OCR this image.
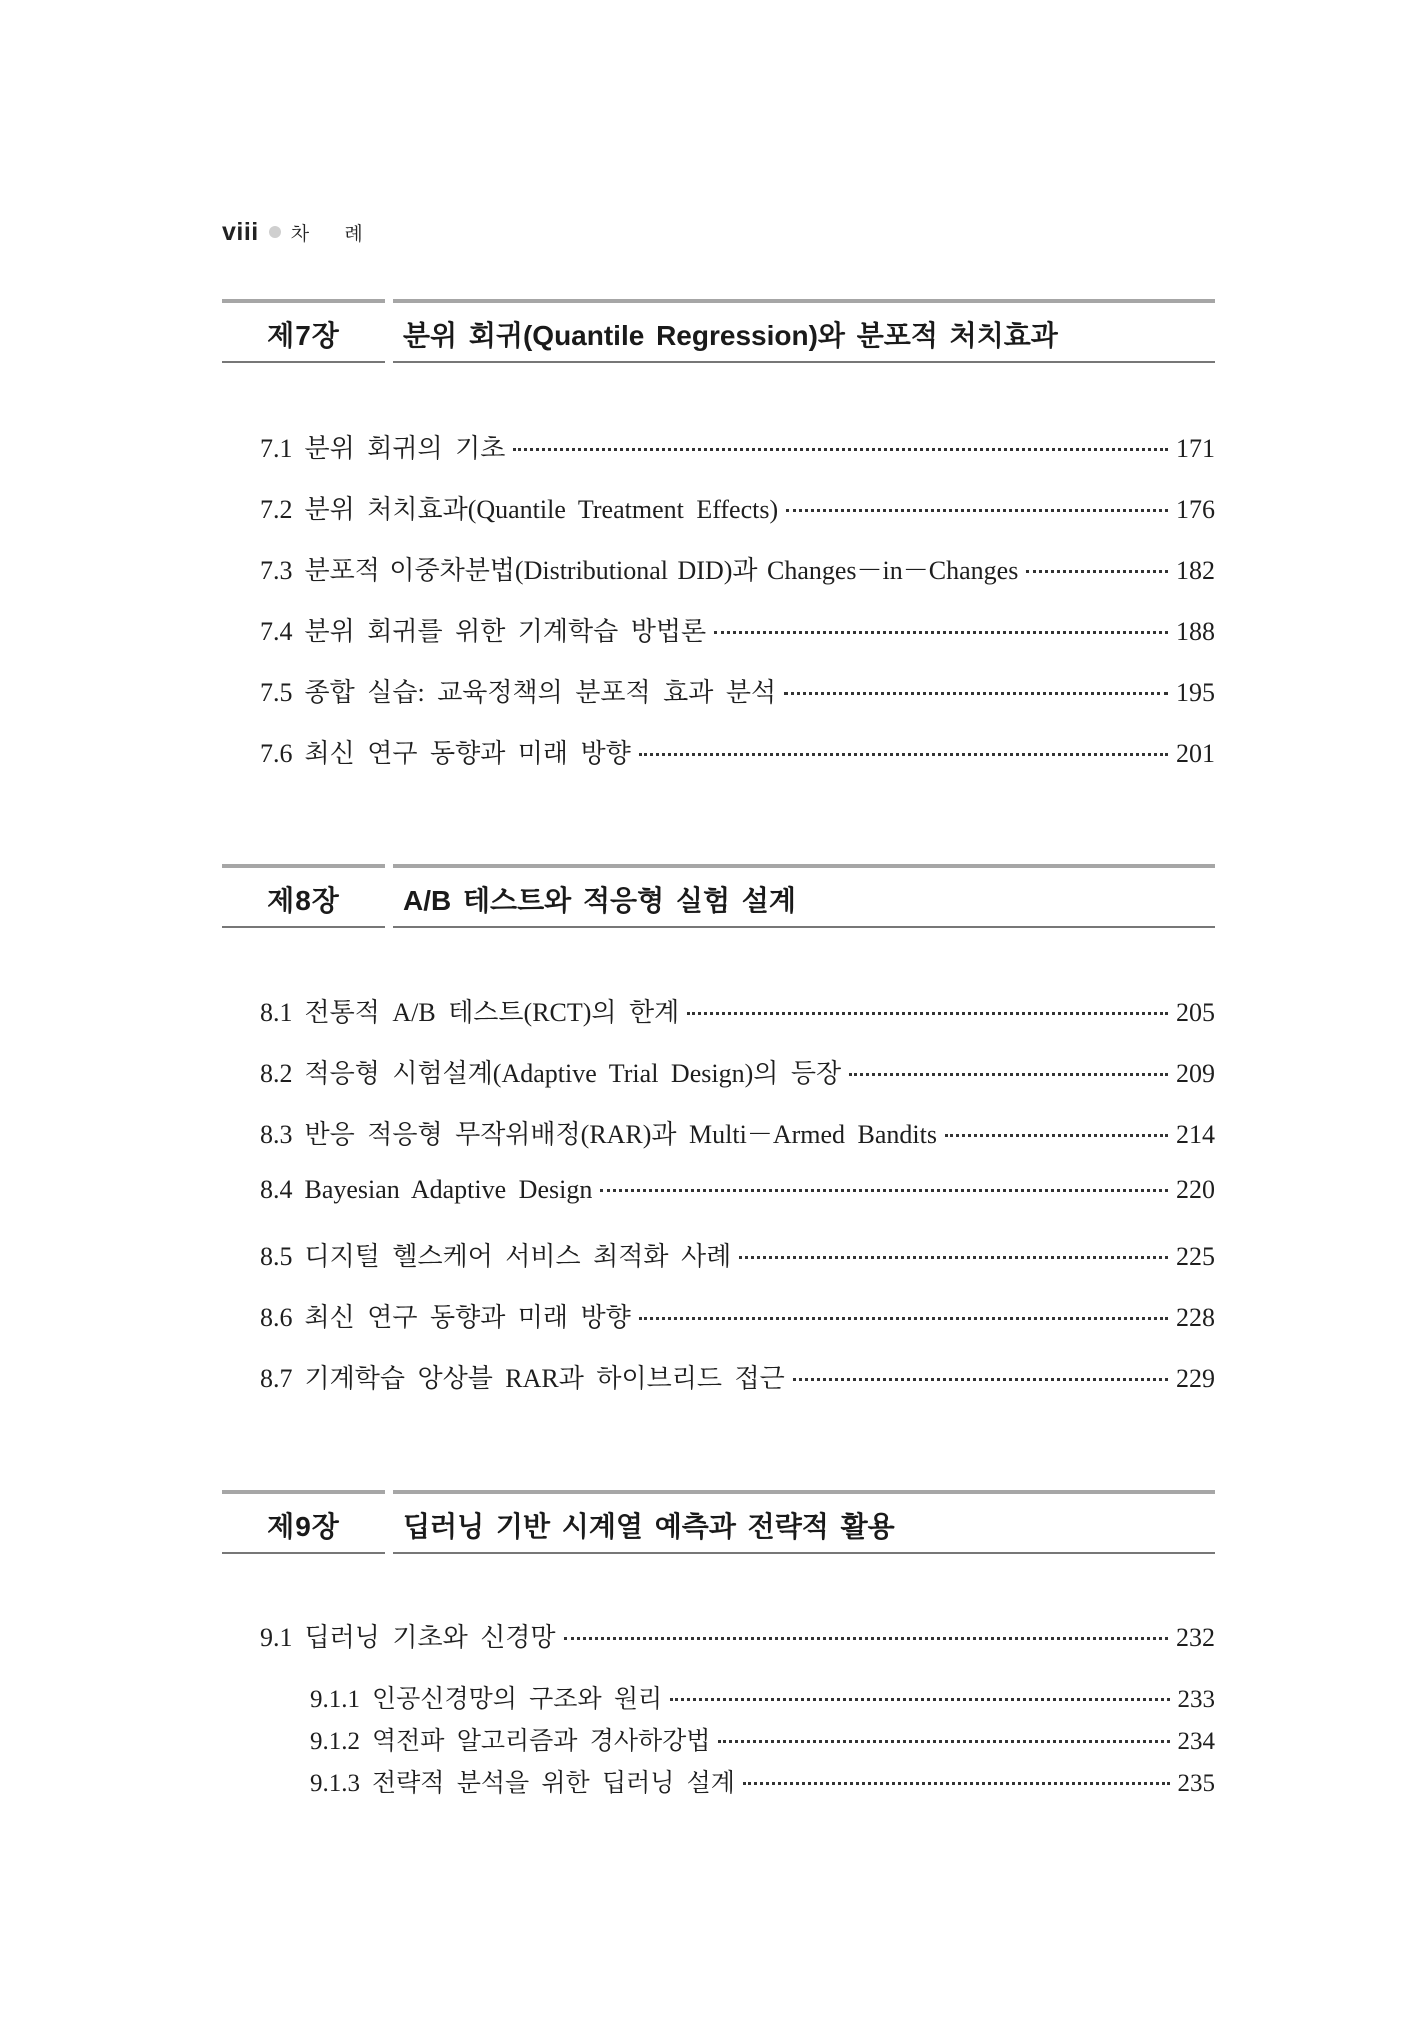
viii 차 례
제7장	분위 회귀(Quantile Regression)와 분포적 처치효과
7.1 분위 회귀의 기초	171
7.2 분위 처치효과(Quantile Treatment Effects)	176
7.3 분포적 이중차분법(Distributional DID)과 Changes－in－Changes	182
7.4 분위 회귀를 위한 기계학습 방법론	188
7.5 종합 실습: 교육정책의 분포적 효과 분석	195
7.6 최신 연구 동향과 미래 방향	201
제8장	A/B 테스트와 적응형 실험 설계
8.1 전통적 A/B 테스트(RCT)의 한계	205
8.2 적응형 시험설계(Adaptive Trial Design)의 등장	209
8.3 반응 적응형 무작위배정(RAR)과 Multi－Armed Bandits	214
8.4 Bayesian Adaptive Design	220
8.5 디지털 헬스케어 서비스 최적화 사례	225
8.6 최신 연구 동향과 미래 방향	228
8.7 기계학습 앙상블 RAR과 하이브리드 접근	229
제9장	딥러닝 기반 시계열 예측과 전략적 활용
9.1 딥러닝 기초와 신경망	232
9.1.1 인공신경망의 구조와 원리	233
9.1.2 역전파 알고리즘과 경사하강법	234
9.1.3 전략적 분석을 위한 딥러닝 설계	235
